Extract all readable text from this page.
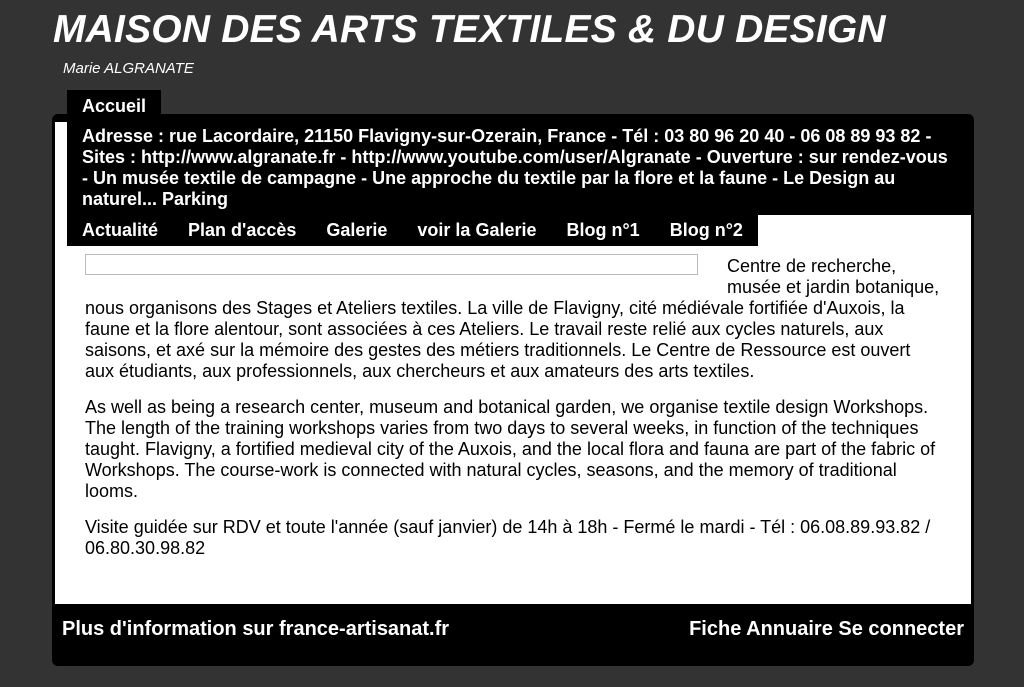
MAISON DES ARTS TEXTILES & DU DESIGN
Marie ALGRANATE
Accueil
Adresse : rue Lacordaire, 21150 Flavigny-sur-Ozerain, France - Tél : 03 80 96 20 40 - 06 08 89 93 82 - Sites : http://www.algranate.fr - http://www.youtube.com/user/Algranate - Ouverture : sur rendez-vous - Un musée textile de campagne - Une approche du textile par la flore et la faune - Le Design au naturel... Parking
Actualité Plan d'accès Galerie voir la Galerie Blog n°1 Blog n°2

Centre de recherche, musée et jardin botanique, nous organisons des Stages et Ateliers textiles. La ville de Flavigny, cité médiévale fortifiée d'Auxois, la faune et la flore alentour, sont associées à ces Ateliers. Le travail reste relié aux cycles naturels, aux saisons, et axé sur la mémoire des gestes des métiers traditionnels. Le Centre de Ressource est ouvert aux étudiants, aux professionnels, aux chercheurs et aux amateurs des arts textiles.

As well as being a research center, museum and botanical garden, we organise textile design Workshops. The length of the training workshops varies from two days to several weeks, in function of the techniques taught. Flavigny, a fortified medieval city of the Auxois, and the local flora and fauna are part of the fabric of Workshops. The course-work is connected with natural cycles, seasons, and the memory of traditional looms.

Visite guidée sur RDV et toute l'année (sauf janvier) de 14h à 18h - Fermé le mardi - Tél : 06.08.89.93.82 / 06.80.30.98.82

Plus d'information sur france-artisanat.fr	Fiche Annuaire Se connecter
